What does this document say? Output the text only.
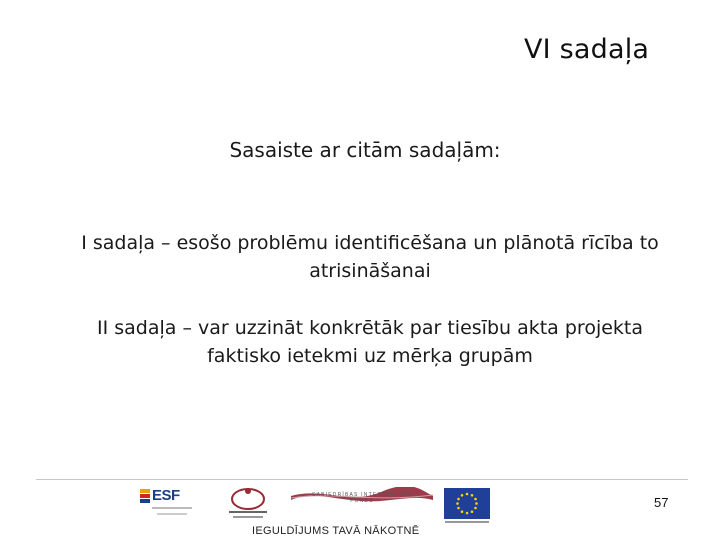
VI sadaļa
Sasaiste ar citām sadaļām:
I sadaļa – esošo problēmu identificēšana un plānotā rīcība to
atrisināšanai
II sadaļa – var uzzināt konkrētāk par tiesību akta projekta
faktisko ietekmi uz mērķa grupām
ESF	SABIEDRĪBAS INTEGRĀCIJAS FONDS	57
IEGULDĪJUMS TAVĀ NĀKOTNĒ
